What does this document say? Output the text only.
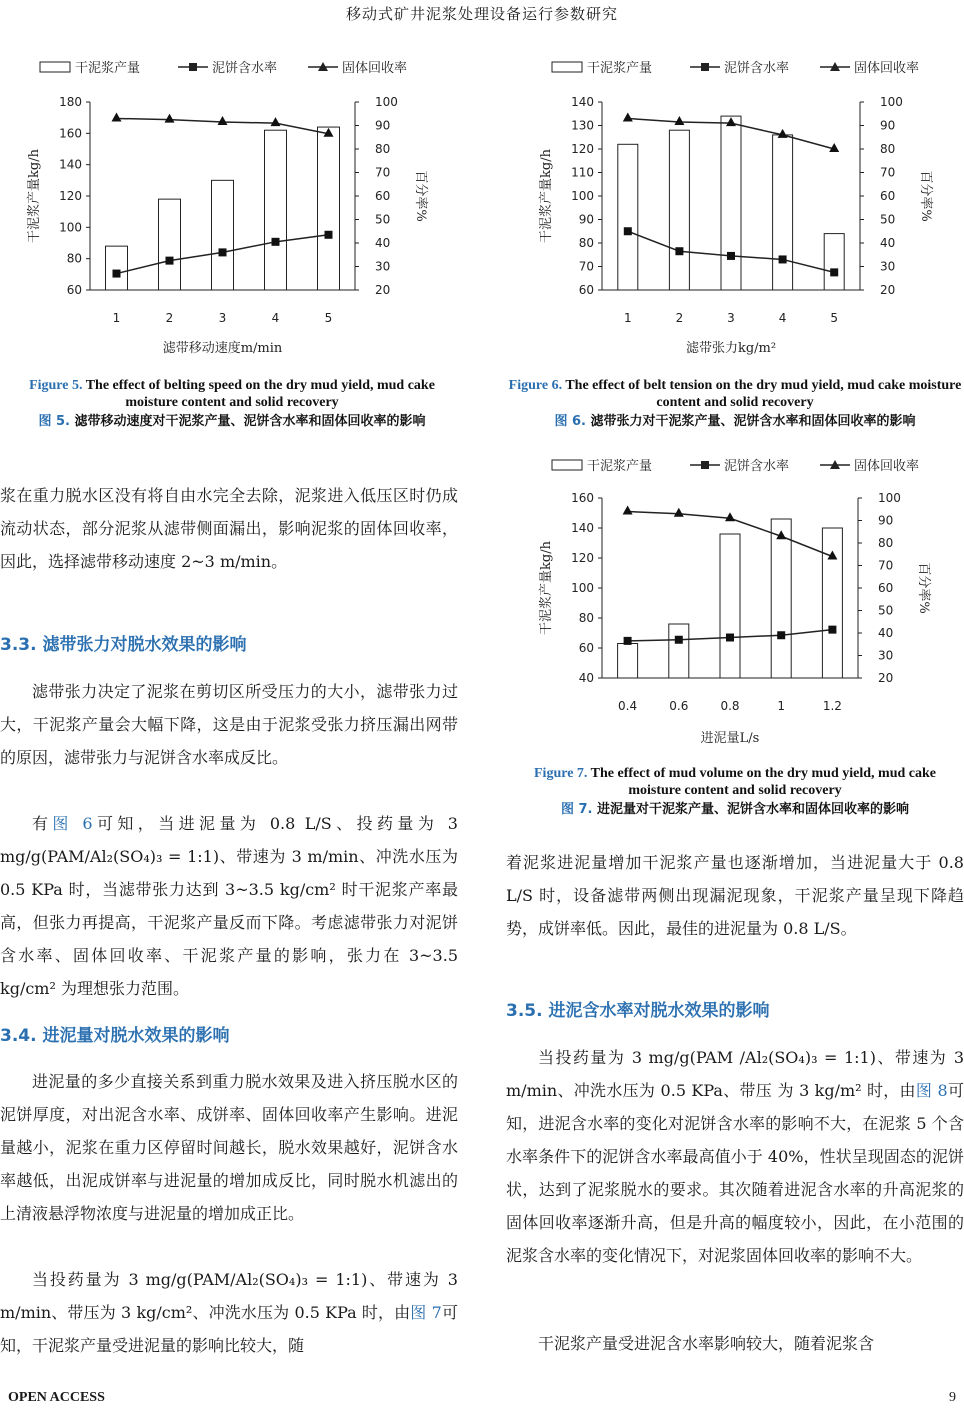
移动式矿井泥浆处理设备运行参数研究
干泥浆产量	泥饼含水率	固体回收率
60
80
100
120
140
160
180
20
30
40
50
60
70
80
90
100
1	2	3	4	5
干泥浆产量kg/h	百分率%
滤带移动速度m/min
Figure 5. The effect of belting speed on the dry mud yield, mud cake moisture content and solid recovery
图 5. 滤带移动速度对干泥浆产量、泥饼含水率和固体回收率的影响
干泥浆产量	泥饼含水率	固体回收率
60
70
80
90
100
110
120
130
140
20
30
40
50
60
70
80
90
100
1	2	3	4	5
干泥浆产量kg/h	百分率%
滤带张力kg/m²
Figure 6. The effect of belt tension on the dry mud yield, mud cake moisture content and solid recovery
图 6. 滤带张力对干泥浆产量、泥饼含水率和固体回收率的影响
干泥浆产量	泥饼含水率	固体回收率
40
60
80
100
120
140
160
20
30
40
50
60
70
80
90
100
0.4	0.6	0.8	1	1.2
干泥浆产量kg/h	百分率%
进泥量L/s
Figure 7. The effect of mud volume on the dry mud yield, mud cake moisture content and solid recovery
图 7. 进泥量对干泥浆产量、泥饼含水率和固体回收率的影响

浆在重力脱水区没有将自由水完全去除，泥浆进入低压区时仍成流动状态，部分泥浆从滤带侧面漏出，影响泥浆的固体回收率，因此，选择滤带移动速度 2~3 m/min。

3.3. 滤带张力对脱水效果的影响

滤带张力决定了泥浆在剪切区所受压力的大小，滤带张力过大，干泥浆产量会大幅下降，这是由于泥浆受张力挤压漏出网带的原因，滤带张力与泥饼含水率成反比。

有图 6可知，当进泥量为 0.8 L/S、投药量为 3 mg/g(PAM/Al₂(SO₄)₃ = 1:1)、带速为 3 m/min、冲洗水压为 0.5 KPa 时，当滤带张力达到 3~3.5 kg/cm² 时干泥浆产率最高，但张力再提高，干泥浆产量反而下降。考虑滤带张力对泥饼含水率、固体回收率、干泥浆产量的影响，张力在 3~3.5 kg/cm² 为理想张力范围。

3.4. 进泥量对脱水效果的影响

进泥量的多少直接关系到重力脱水效果及进入挤压脱水区的泥饼厚度，对出泥含水率、成饼率、固体回收率产生影响。进泥量越小，泥浆在重力区停留时间越长，脱水效果越好，泥饼含水率越低，出泥成饼率与进泥量的增加成反比，同时脱水机滤出的上清液悬浮物浓度与进泥量的增加成正比。

当投药量为 3 mg/g(PAM/Al₂(SO₄)₃ = 1:1)、带速为 3 m/min、带压为 3 kg/cm²、冲洗水压为 0.5 KPa 时，由图 7可知，干泥浆产量受进泥量的影响比较大，随

着泥浆进泥量增加干泥浆产量也逐渐增加，当进泥量大于 0.8 L/S 时，设备滤带两侧出现漏泥现象，干泥浆产量呈现下降趋势，成饼率低。因此，最佳的进泥量为 0.8 L/S。

3.5. 进泥含水率对脱水效果的影响

当投药量为 3 mg/g(PAM /Al₂(SO₄)₃ = 1:1)、带速为 3 m/min、冲洗水压为 0.5 KPa、带压 为 3 kg/m² 时，由图 8可知，进泥含水率的变化对泥饼含水率的影响不大，在泥浆 5 个含水率条件下的泥饼含水率最高值小于 40%，性状呈现固态的泥饼状，达到了泥浆脱水的要求。其次随着进泥含水率的升高泥浆的固体回收率逐渐升高，但是升高的幅度较小，因此，在小范围的泥浆含水率的变化情况下，对泥浆固体回收率的影响不大。

干泥浆产量受进泥含水率影响较大，随着泥浆含

OPEN ACCESS	9
